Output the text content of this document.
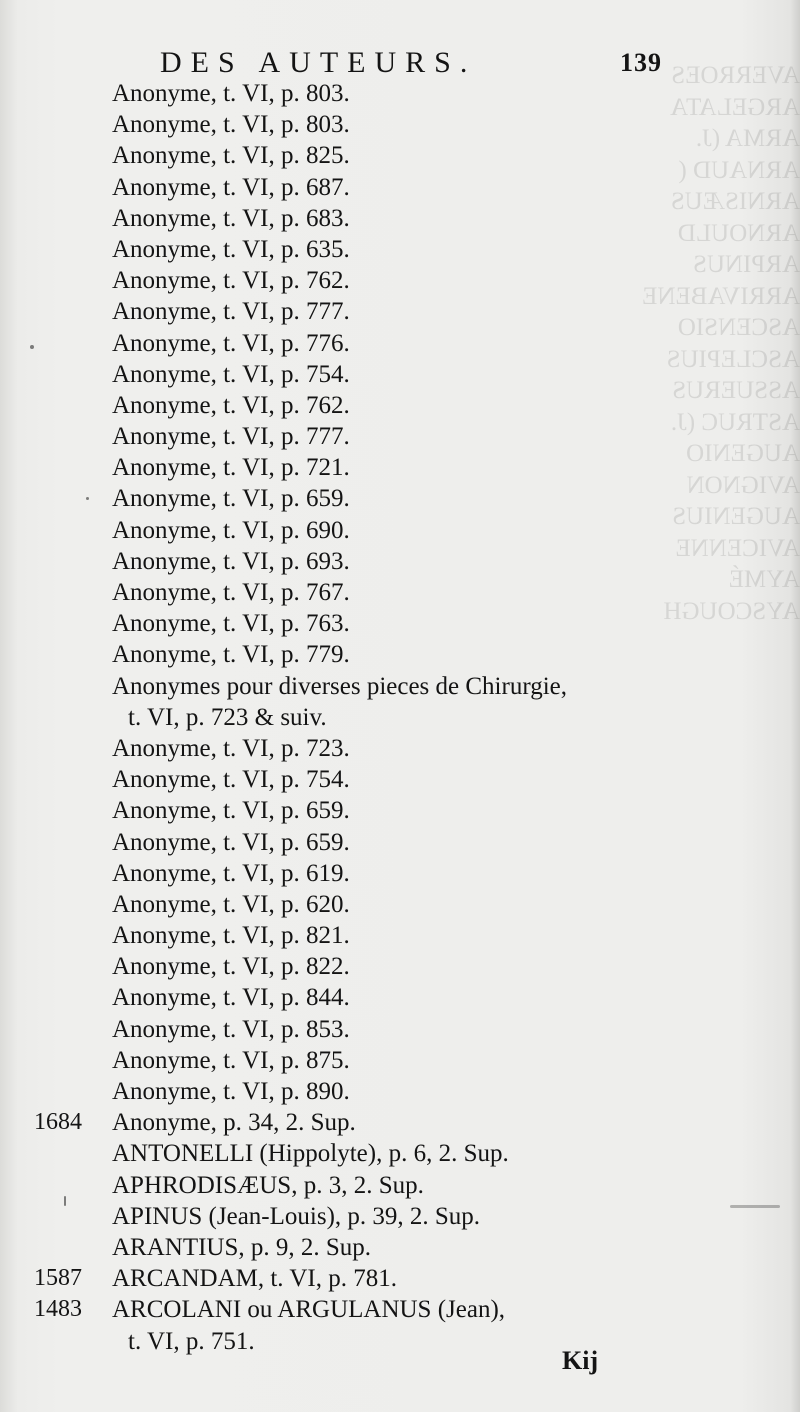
AVERROES
ARGELATA
ARMA (J.
ARNAUD (
ARNISÆUS
ARNOULD
ARPINUS
ARRIVABENE
ASCENSIO
ASCLEPIUS
ASSUERUS
ASTRUC (J.
AUGENIO
AVIGNON
AUGENIUS
AVICENNE
AYMÉ
AYSCOUGH
DES AUTEURS.	139
Anonyme, t. VI, p. 803.
Anonyme, t. VI, p. 803.
Anonyme, t. VI, p. 825.
Anonyme, t. VI, p. 687.
Anonyme, t. VI, p. 683.
Anonyme, t. VI, p. 635.
Anonyme, t. VI, p. 762.
Anonyme, t. VI, p. 777.
Anonyme, t. VI, p. 776.
Anonyme, t. VI, p. 754.
Anonyme, t. VI, p. 762.
Anonyme, t. VI, p. 777.
Anonyme, t. VI, p. 721.
Anonyme, t. VI, p. 659.
Anonyme, t. VI, p. 690.
Anonyme, t. VI, p. 693.
Anonyme, t. VI, p. 767.
Anonyme, t. VI, p. 763.
Anonyme, t. VI, p. 779.
Anonymes pour diverses pieces de Chirurgie,
t. VI, p. 723 & suiv.
Anonyme, t. VI, p. 723.
Anonyme, t. VI, p. 754.
Anonyme, t. VI, p. 659.
Anonyme, t. VI, p. 659.
Anonyme, t. VI, p. 619.
Anonyme, t. VI, p. 620.
Anonyme, t. VI, p. 821.
Anonyme, t. VI, p. 822.
Anonyme, t. VI, p. 844.
Anonyme, t. VI, p. 853.
Anonyme, t. VI, p. 875.
Anonyme, t. VI, p. 890.
1684 Anonyme, p. 34, 2. Sup.
ANTONELLI (Hippolyte), p. 6, 2. Sup.
APHRODISÆUS, p. 3, 2. Sup.
APINUS (Jean-Louis), p. 39, 2. Sup.
ARANTIUS, p. 9, 2. Sup.
1587 ARCANDAM, t. VI, p. 781.
1483 ARCOLANI ou ARGULANUS (Jean),
t. VI, p. 751.
Kij
